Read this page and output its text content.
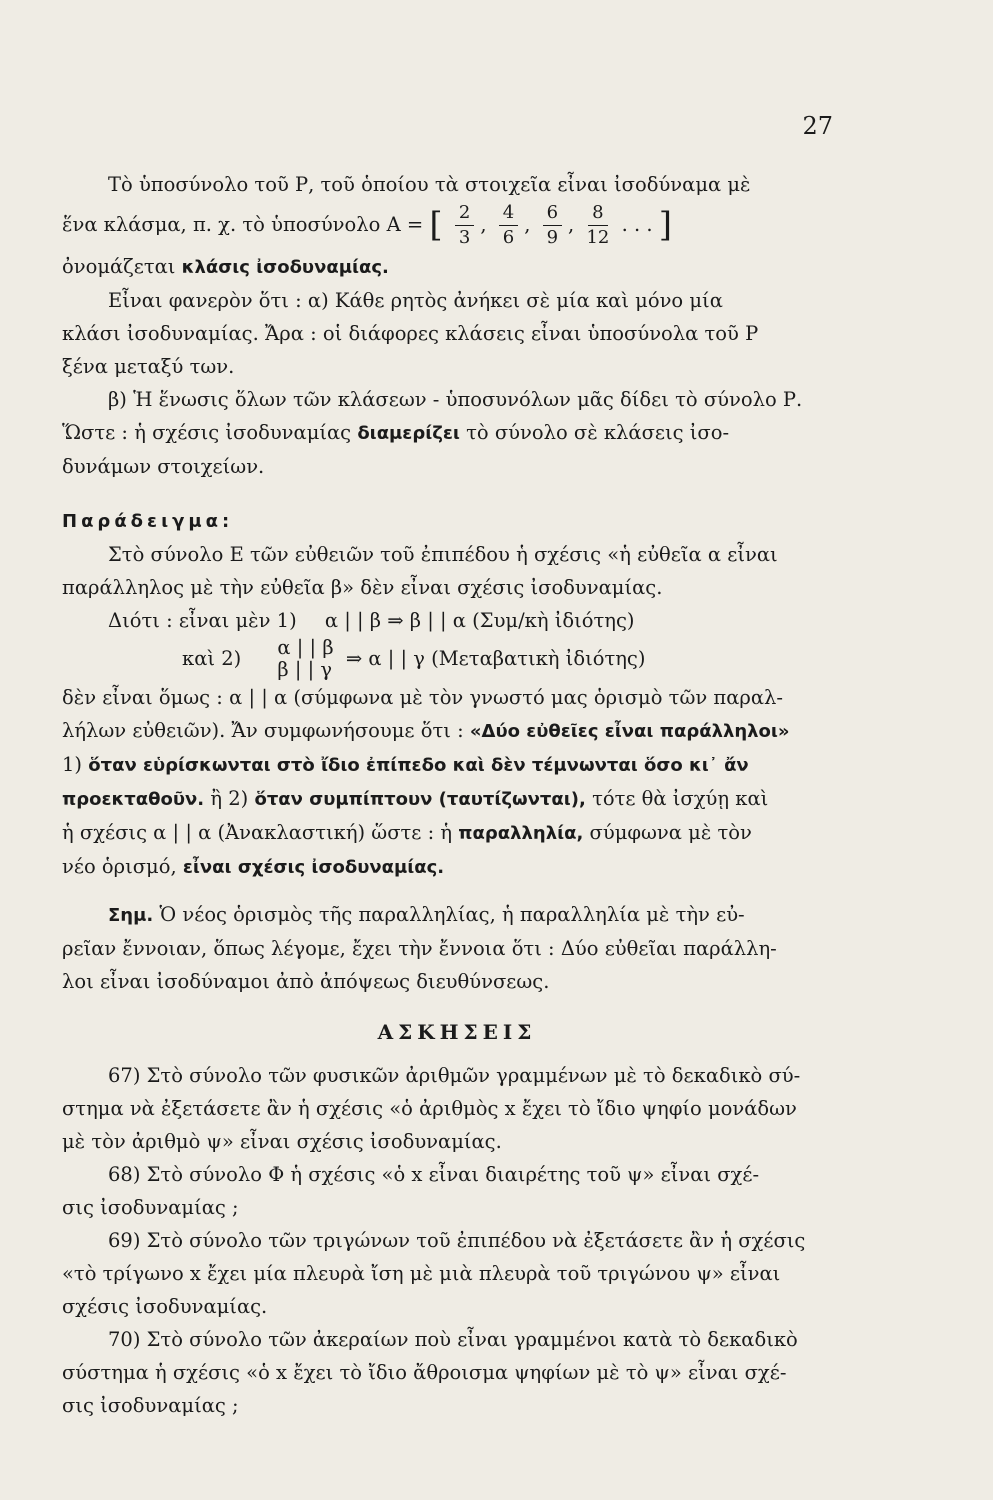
27
Τὸ ὑποσύνολο τοῦ Ρ, τοῦ ὁποίου τὰ στοιχεῖα εἶναι ἰσοδύναμα μὲ
ἕνα κλάσμα, π. χ. τὸ ὑποσύνολο Α = [ $\frac{2}{3}$ , $\frac{4}{6}$ , $\frac{6}{9}$ , $\frac{8}{12}$ . . . ]
ὀνομάζεται κλάσις ἰσοδυναμίας.
Εἶναι φανερὸν ὅτι : α) Κάθε ρητὸς ἀνήκει σὲ μία καὶ μόνο μία
κλάσι ἰσοδυναμίας. Ἄρα : οἱ διάφορες κλάσεις εἶναι ὑποσύνολα τοῦ Ρ
ξένα μεταξύ των.
β) Ἡ ἕνωσις ὅλων τῶν κλάσεων - ὑποσυνόλων μᾶς δίδει τὸ σύνολο Ρ.
Ὥστε : ἡ σχέσις ἰσοδυναμίας διαμερίζει τὸ σύνολο σὲ κλάσεις ἰσο-
δυνάμων στοιχείων.
Παράδειγμα:
Στὸ σύνολο Ε τῶν εὐθειῶν τοῦ ἐπιπέδου ἡ σχέσις «ἡ εὐθεῖα α εἶναι
παράλληλος μὲ τὴν εὐθεῖα β» δὲν εἶναι σχέσις ἰσοδυναμίας.
Διότι : εἶναι μὲν 1) α | | β ⇒ β | | α (Συμ/κὴ ἰδιότης)
καὶ 2) α | | β
β | | γ ⇒ α | | γ (Μεταβατικὴ ἰδιότης)
δὲν εἶναι ὅμως : α | | α (σύμφωνα μὲ τὸν γνωστό μας ὁρισμὸ τῶν παραλ-
λήλων εὐθειῶν). Ἄν συμφωνήσουμε ὅτι : «Δύο εὐθεῖες εἶναι παράλληλοι»
1) ὅταν εὑρίσκωνται στὸ ἴδιο ἐπίπεδο καὶ δὲν τέμνωνται ὅσο κι᾽ ἄν
προεκταθοῦν. ἢ 2) ὅταν συμπίπτουν (ταυτίζωνται), τότε θὰ ἰσχύῃ καὶ
ἡ σχέσις α | | α (Ἀνακλαστική) ὥστε : ἡ παραλληλία, σύμφωνα μὲ τὸν
νέο ὁρισμό, εἶναι σχέσις ἰσοδυναμίας.
Σημ. Ὁ νέος ὁρισμὸς τῆς παραλληλίας, ἡ παραλληλία μὲ τὴν εὐ-
ρεῖαν ἔννοιαν, ὅπως λέγομε, ἔχει τὴν ἔννοια ὅτι : Δύο εὐθεῖαι παράλλη-
λοι εἶναι ἰσοδύναμοι ἀπὸ ἀπόψεως διευθύνσεως.
ΑΣΚΗΣΕΙΣ
67) Στὸ σύνολο τῶν φυσικῶν ἀριθμῶν γραμμένων μὲ τὸ δεκαδικὸ σύ-
στημα νὰ ἐξετάσετε ἂν ἡ σχέσις «ὁ ἀριθμὸς x ἔχει τὸ ἴδιο ψηφίο μονάδων
μὲ τὸν ἀριθμὸ ψ» εἶναι σχέσις ἰσοδυναμίας.
68) Στὸ σύνολο Φ ἡ σχέσις «ὁ x εἶναι διαιρέτης τοῦ ψ» εἶναι σχέ-
σις ἰσοδυναμίας ;
69) Στὸ σύνολο τῶν τριγώνων τοῦ ἐπιπέδου νὰ ἐξετάσετε ἂν ἡ σχέσις
«τὸ τρίγωνο x ἔχει μία πλευρὰ ἴση μὲ μιὰ πλευρὰ τοῦ τριγώνου ψ» εἶναι
σχέσις ἰσοδυναμίας.
70) Στὸ σύνολο τῶν ἀκεραίων ποὺ εἶναι γραμμένοι κατὰ τὸ δεκαδικὸ
σύστημα ἡ σχέσις «ὁ x ἔχει τὸ ἴδιο ἄθροισμα ψηφίων μὲ τὸ ψ» εἶναι σχέ-
σις ἰσοδυναμίας ;
